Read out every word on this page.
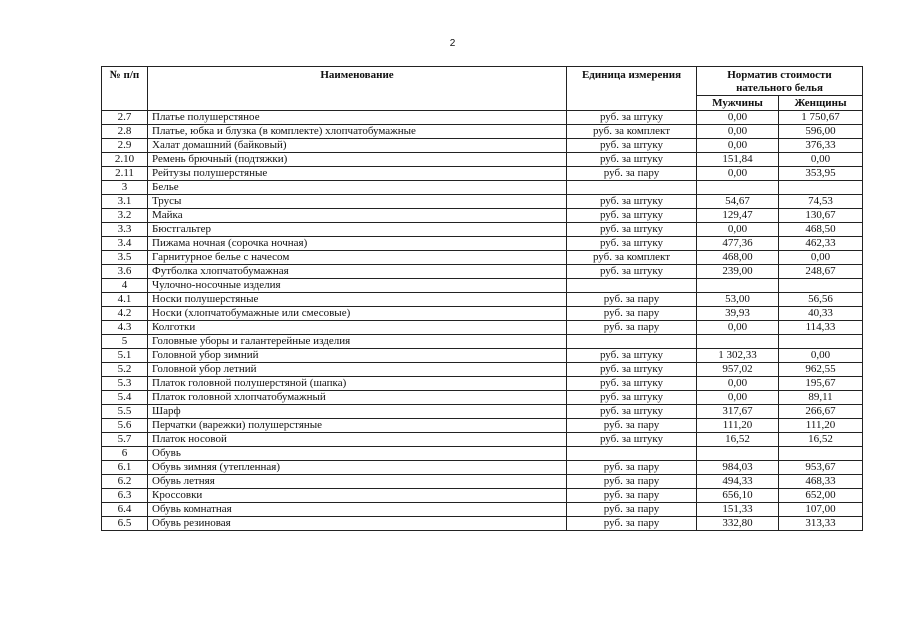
2
№ п/п	Наименование	Единица измерения	Норматив стоимости нательного белья	
			Мужчины	Женщины
2.7	Платье полушерстяное	руб. за штуку	0,00	1 750,67
2.8	Платье, юбка и блузка (в комплекте) хлопчатобумажные	руб. за комплект	0,00	596,00
2.9	Халат домашний (байковый)	руб. за штуку	0,00	376,33
2.10	Ремень брючный (подтяжки)	руб. за штуку	151,84	0,00
2.11	Рейтузы полушерстяные	руб. за пару	0,00	353,95
3	Белье			
3.1	Трусы	руб. за штуку	54,67	74,53
3.2	Майка	руб. за штуку	129,47	130,67
3.3	Бюстгальтер	руб. за штуку	0,00	468,50
3.4	Пижама ночная (сорочка ночная)	руб. за штуку	477,36	462,33
3.5	Гарнитурное белье с начесом	руб. за комплект	468,00	0,00
3.6	Футболка хлопчатобумажная	руб. за штуку	239,00	248,67
4	Чулочно-носочные изделия			
4.1	Носки полушерстяные	руб. за пару	53,00	56,56
4.2	Носки (хлопчатобумажные или смесовые)	руб. за пару	39,93	40,33
4.3	Колготки	руб. за пару	0,00	114,33
5	Головные уборы и галантерейные изделия			
5.1	Головной убор зимний	руб. за штуку	1 302,33	0,00
5.2	Головной убор летний	руб. за штуку	957,02	962,55
5.3	Платок головной полушерстяной (шапка)	руб. за штуку	0,00	195,67
5.4	Платок головной хлопчатобумажный	руб. за штуку	0,00	89,11
5.5	Шарф	руб. за штуку	317,67	266,67
5.6	Перчатки (варежки) полушерстяные	руб. за пару	111,20	111,20
5.7	Платок носовой	руб. за штуку	16,52	16,52
6	Обувь			
6.1	Обувь зимняя (утепленная)	руб. за пару	984,03	953,67
6.2	Обувь летняя	руб. за пару	494,33	468,33
6.3	Кроссовки	руб. за пару	656,10	652,00
6.4	Обувь комнатная	руб. за пару	151,33	107,00
6.5	Обувь резиновая	руб. за пару	332,80	313,33
